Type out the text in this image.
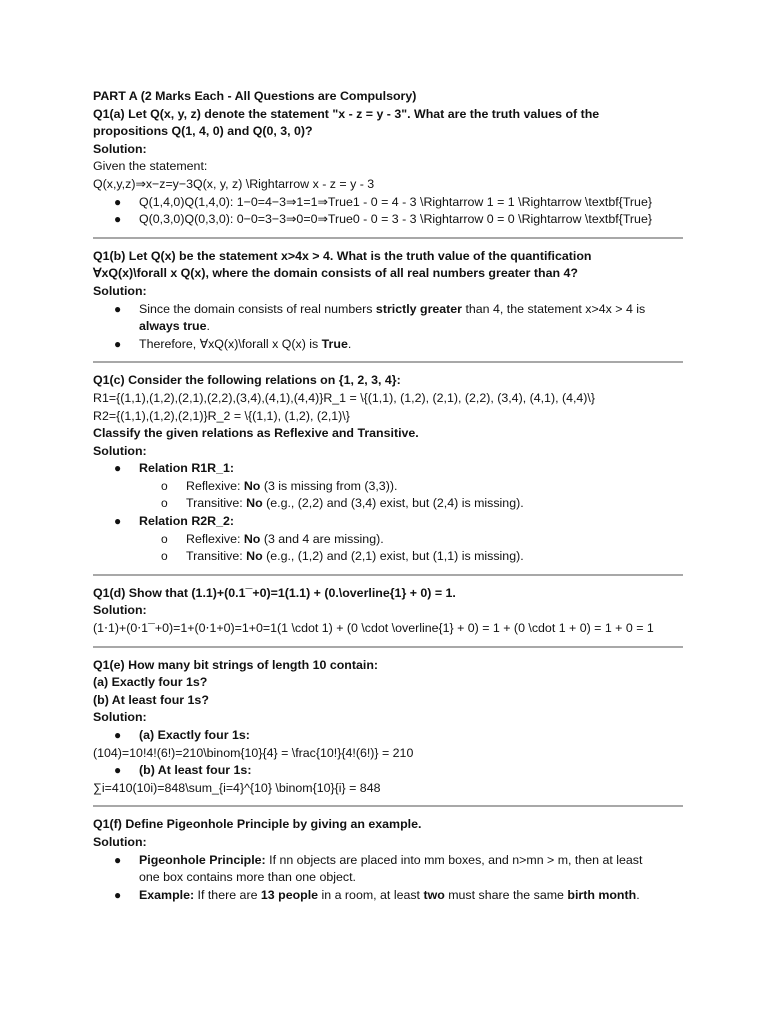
PART A (2 Marks Each - All Questions are Compulsory)
Q1(a) Let Q(x, y, z) denote the statement "x - z = y - 3". What are the truth values of the
propositions Q(1, 4, 0) and Q(0, 3, 0)?
Solution:
Given the statement:
Q(x,y,z)⇒x−z=y−3Q(x, y, z) \Rightarrow x - z = y - 3
● Q(1,4,0)Q(1,4,0): 1−0=4−3⇒1=1⇒True1 - 0 = 4 - 3 \Rightarrow 1 = 1 \Rightarrow \textbf{True}
● Q(0,3,0)Q(0,3,0): 0−0=3−3⇒0=0⇒True0 - 0 = 3 - 3 \Rightarrow 0 = 0 \Rightarrow \textbf{True}
Q1(b) Let Q(x) be the statement x>4x > 4. What is the truth value of the quantification
∀xQ(x)\forall x Q(x), where the domain consists of all real numbers greater than 4?
Solution:
● Since the domain consists of real numbers strictly greater than 4, the statement x>4x > 4 is always true.
● Therefore, ∀xQ(x)\forall x Q(x) is True.
Q1(c) Consider the following relations on {1, 2, 3, 4}:
R1={(1,1),(1,2),(2,1),(2,2),(3,4),(4,1),(4,4)}R_1 = \{(1,1), (1,2), (2,1), (2,2), (3,4), (4,1), (4,4)\}
R2={(1,1),(1,2),(2,1)}R_2 = \{(1,1), (1,2), (2,1)\}
Classify the given relations as Reflexive and Transitive.
Solution:
● Relation R1R_1:
o Reflexive: No (3 is missing from (3,3)).
o Transitive: No (e.g., (2,2) and (3,4) exist, but (2,4) is missing).
● Relation R2R_2:
o Reflexive: No (3 and 4 are missing).
o Transitive: No (e.g., (1,2) and (2,1) exist, but (1,1) is missing).
Q1(d) Show that (1.1)+(0.1¯+0)=1(1.1) + (0.\overline{1} + 0) = 1.
Solution:
(1⋅1)+(0⋅1¯+0)=1+(0⋅1+0)=1+0=1(1 \cdot 1) + (0 \cdot \overline{1} + 0) = 1 + (0 \cdot 1 + 0) = 1 + 0 = 1
Q1(e) How many bit strings of length 10 contain:
(a) Exactly four 1s?
(b) At least four 1s?
Solution:
● (a) Exactly four 1s:
(104)=10!4!(6!)=210\binom{10}{4} = \frac{10!}{4!(6!)} = 210
● (b) At least four 1s:
∑i=410(10i)=848\sum_{i=4}^{10} \binom{10}{i} = 848
Q1(f) Define Pigeonhole Principle by giving an example.
Solution:
● Pigeonhole Principle: If nn objects are placed into mm boxes, and n>mn > m, then at least
one box contains more than one object.
● Example: If there are 13 people in a room, at least two must share the same birth month.
